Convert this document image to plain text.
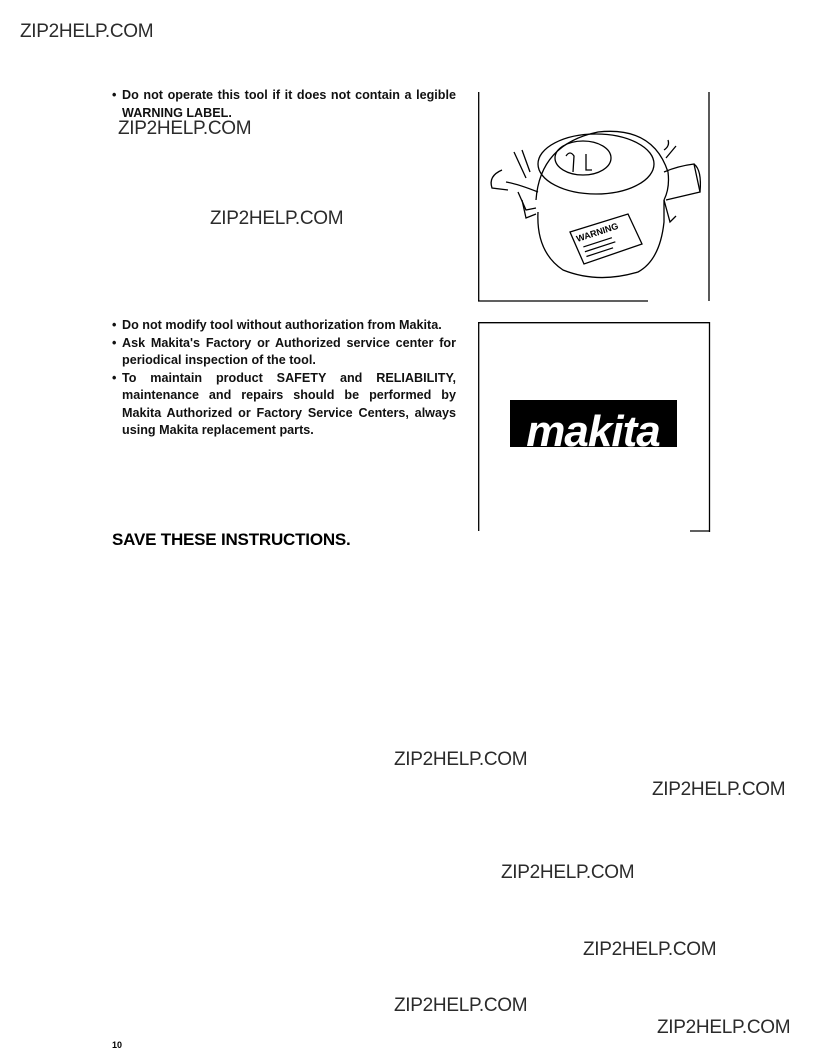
ZIP2HELP.COM
ZIP2HELP.COM
ZIP2HELP.COM
ZIP2HELP.COM
ZIP2HELP.COM
ZIP2HELP.COM
ZIP2HELP.COM
ZIP2HELP.COM
ZIP2HELP.COM
• Do not operate this tool if it does not contain a legible WARNING LABEL.
WARNING
• Do not modify tool without authorization from Makita.
• Ask Makita's Factory or Authorized service center for periodical inspection of the tool.
• To maintain product SAFETY and RELIABILITY, maintenance and repairs should be performed by Makita Authorized or Factory Service Centers, always using Makita replacement parts.	makita
SAVE THESE INSTRUCTIONS.
10
